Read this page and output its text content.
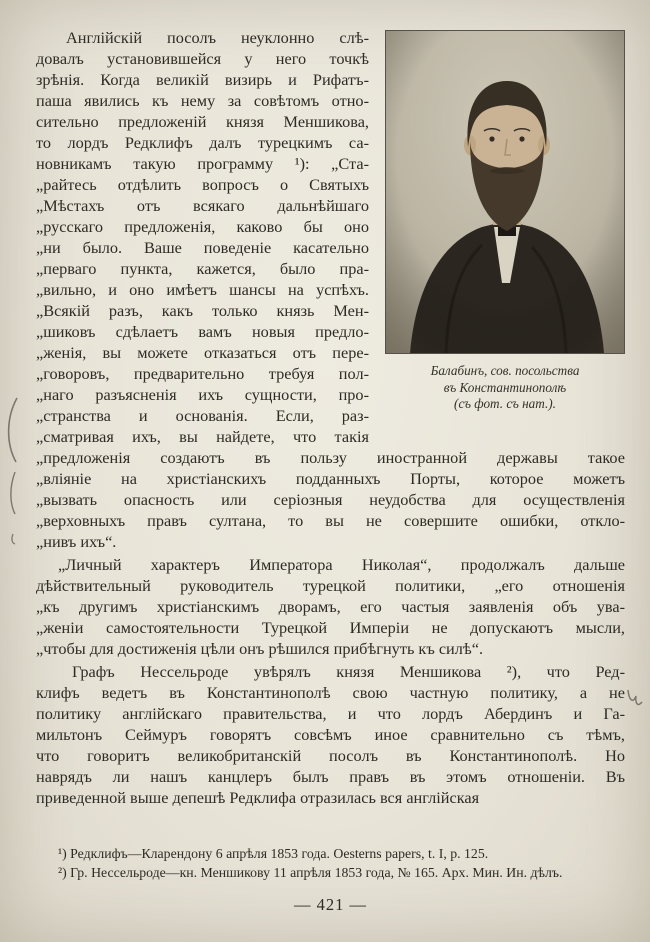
Балабинъ, сов. посольства
въ Константинополѣ
(съ фот. съ нат.).
Англійскій посолъ неуклонно слѣ-
довалъ установившейся у него точкѣ
зрѣнія. Когда великій визирь и Рифатъ-
паша явились къ нему за совѣтомъ отно-
сительно предложеній князя Меншикова,
то лордъ Редклифъ далъ турецкимъ са-
новникамъ такую программу ¹): „Ста-
„райтесь отдѣлить вопросъ о Святыхъ
„Мѣстахъ отъ всякаго дальнѣйшаго
„русскаго предложенія, каково бы оно
„ни было. Ваше поведеніе касательно
„перваго пункта, кажется, было пра-
„вильно, и оно имѣетъ шансы на успѣхъ.
„Всякій разъ, какъ только князь Мен-
„шиковъ сдѣлаетъ вамъ новыя предло-
„женія, вы можете отказаться отъ пере-
„говоровъ, предварительно требуя пол-
„наго разъясненія ихъ сущности, про-
„странства и основанія. Если, раз-
„сматривая ихъ, вы найдете, что такія
„предложенія создаютъ въ пользу иностранной державы такое
„вліяніе на христіанскихъ подданныхъ Порты, которое можетъ
„вызвать опасность или серіозныя неудобства для осуществленія
„верховныхъ правъ султана, то вы не совершите ошибки, откло-
„нивъ ихъ“.
„Личный характеръ Императора Николая“, продолжалъ дальше
дѣйствительный руководитель турецкой политики, „его отношенія
„къ другимъ христіанскимъ дворамъ, его частыя заявленія объ ува-
„женіи самостоятельности Турецкой Имперіи не допускаютъ мысли,
„чтобы для достиженія цѣли онъ рѣшился прибѣгнуть къ силѣ“.
Графъ Нессельроде увѣрялъ князя Меншикова ²), что Ред-
клифъ ведетъ въ Константинополѣ свою частную политику, а не
политику англійскаго правительства, и что лордъ Абердинъ и Га-
мильтонъ Сеймуръ говорятъ совсѣмъ иное сравнительно съ тѣмъ,
что говоритъ великобританскій посолъ въ Константинополѣ. Но
наврядъ ли нашъ канцлеръ былъ правъ въ этомъ отношеніи. Въ
приведенной выше депешѣ Редклифа отразилась вся англійская
¹) Редклифъ—Кларендону 6 апрѣля 1853 года. Oesterns papers, t. I, p. 125.
²) Гр. Нессельроде—кн. Меншикову 11 апрѣля 1853 года, № 165. Арх. Мин. Ин. дѣлъ.
— 421 —
